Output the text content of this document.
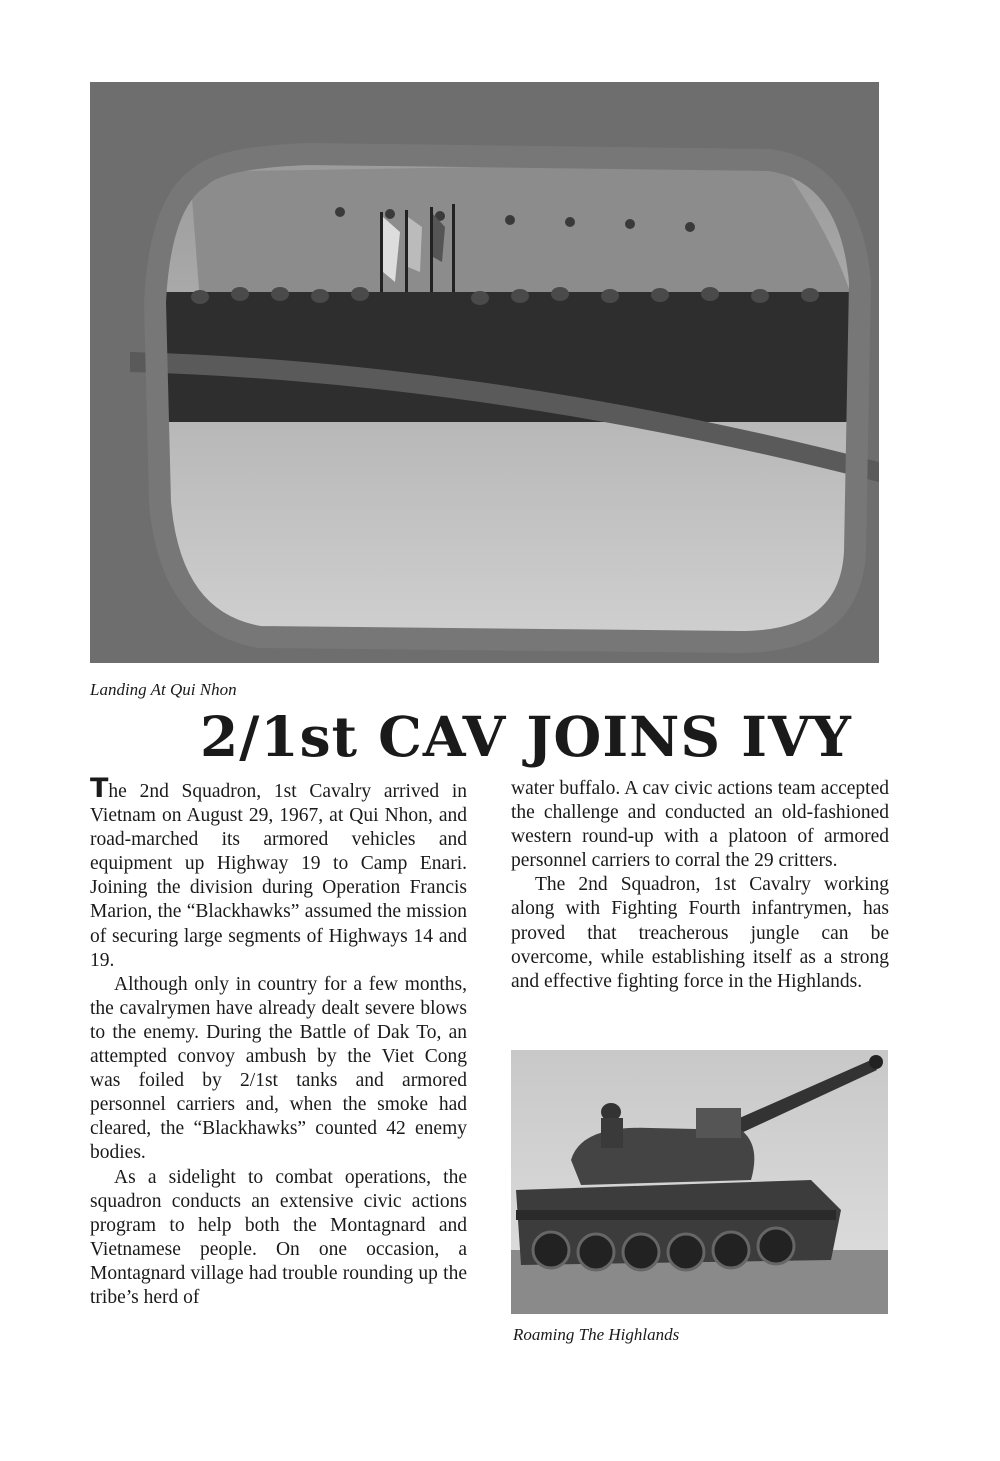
Landing At Qui Nhon
2/1st CAV JOINS IVY

The 2nd Squadron, 1st Cavalry arrived in Vietnam on August 29, 1967, at Qui Nhon, and road-marched its armored vehicles and equipment up Highway 19 to Camp Enari. Joining the division during Operation Francis Marion, the “Blackhawks” assumed the mission of securing large segments of Highways 14 and 19.

Although only in country for a few months, the cavalrymen have already dealt severe blows to the enemy. During the Battle of Dak To, an attempted convoy ambush by the Viet Cong was foiled by 2/1st tanks and armored personnel carriers and, when the smoke had cleared, the “Blackhawks” counted 42 enemy bodies.

As a sidelight to combat operations, the squadron conducts an extensive civic actions program to help both the Montagnard and Vietnamese people. On one occasion, a Montagnard village had trouble rounding up the tribe’s herd of

water buffalo. A cav civic actions team accepted the challenge and conducted an old-fashioned western round-up with a platoon of armored personnel carriers to corral the 29 critters.

The 2nd Squadron, 1st Cavalry working along with Fighting Fourth infantrymen, has proved that treacherous jungle can be overcome, while establishing itself as a strong and effective fighting force in the Highlands.

Roaming The Highlands
